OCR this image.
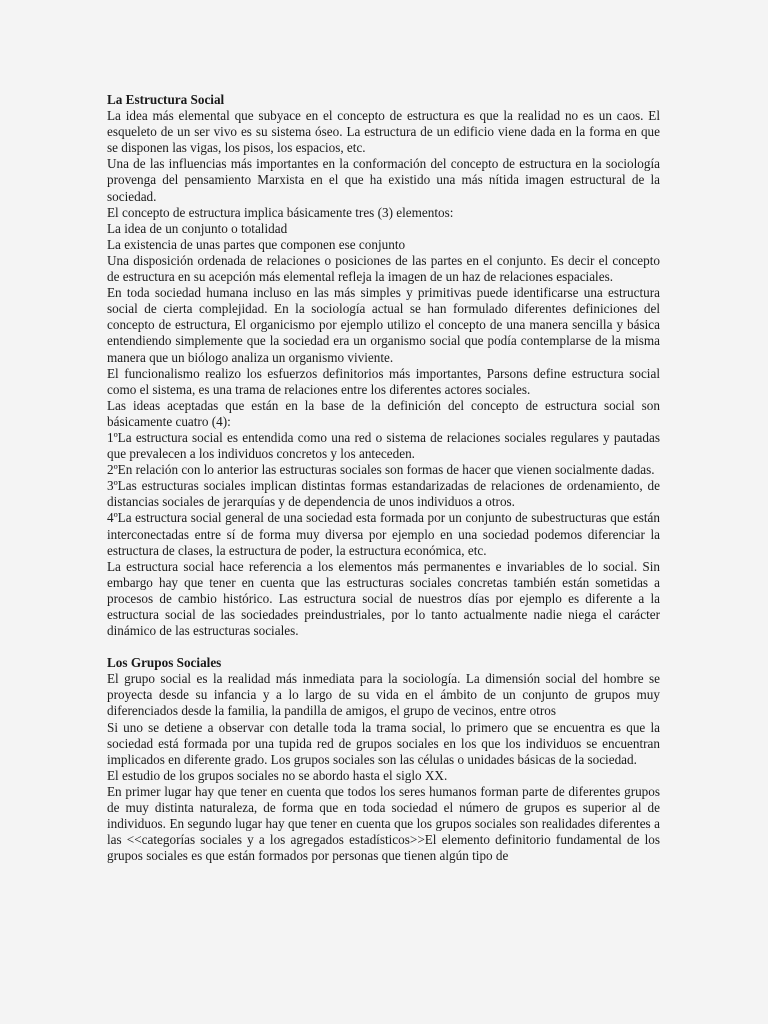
La Estructura Social

La idea más elemental que subyace en el concepto de estructura es que la realidad no es un caos. El esqueleto de un ser vivo es su sistema óseo. La estructura de un edificio viene dada en la forma en que se disponen las vigas, los pisos, los espacios, etc.

Una de las influencias más importantes en la conformación del concepto de estructura en la sociología provenga del pensamiento Marxista en el que ha existido una más nítida imagen estructural de la sociedad.

El concepto de estructura implica básicamente tres (3) elementos:

La idea de un conjunto o totalidad

La existencia de unas partes que componen ese conjunto

Una disposición ordenada de relaciones o posiciones de las partes en el conjunto. Es decir el concepto de estructura en su acepción más elemental refleja la imagen de un haz de relaciones espaciales.

En toda sociedad humana incluso en las más simples y primitivas puede identificarse una estructura social de cierta complejidad. En la sociología actual se han formulado diferentes definiciones del concepto de estructura, El organicismo por ejemplo utilizo el concepto de una manera sencilla y básica entendiendo simplemente que la sociedad era un organismo social que podía contemplarse de la misma manera que un biólogo analiza un organismo viviente.

El funcionalismo realizo los esfuerzos definitorios más importantes, Parsons define estructura social como el sistema, es una trama de relaciones entre los diferentes actores sociales.

Las ideas aceptadas que están en la base de la definición del concepto de estructura social son básicamente cuatro (4):

1ºLa estructura social es entendida como una red o sistema de relaciones sociales regulares y pautadas que prevalecen a los individuos concretos y los anteceden.

2ºEn relación con lo anterior las estructuras sociales son formas de hacer que vienen socialmente dadas.

3ºLas estructuras sociales implican distintas formas estandarizadas de relaciones de ordenamiento, de distancias sociales de jerarquías y de dependencia de unos individuos a otros.

4ºLa estructura social general de una sociedad esta formada por un conjunto de subestructuras que están interconectadas entre sí de forma muy diversa por ejemplo en una sociedad podemos diferenciar la estructura de clases, la estructura de poder, la estructura económica, etc.

La estructura social hace referencia a los elementos más permanentes e invariables de lo social. Sin embargo hay que tener en cuenta que las estructuras sociales concretas también están sometidas a procesos de cambio histórico. Las estructura social de nuestros días por ejemplo es diferente a la estructura social de las sociedades preindustriales, por lo tanto actualmente nadie niega el carácter dinámico de las estructuras sociales.

Los Grupos Sociales

El grupo social es la realidad más inmediata para la sociología. La dimensión social del hombre se proyecta desde su infancia y a lo largo de su vida en el ámbito de un conjunto de grupos muy diferenciados desde la familia, la pandilla de amigos, el grupo de vecinos, entre otros

Si uno se detiene a observar con detalle toda la trama social, lo primero que se encuentra es que la sociedad está formada por una tupida red de grupos sociales en los que los individuos se encuentran implicados en diferente grado. Los grupos sociales son las células o unidades básicas de la sociedad.

El estudio de los grupos sociales no se abordo hasta el siglo XX.

En primer lugar hay que tener en cuenta que todos los seres humanos forman parte de diferentes grupos de muy distinta naturaleza, de forma que en toda sociedad el número de grupos es superior al de individuos. En segundo lugar hay que tener en cuenta que los grupos sociales son realidades diferentes a las <<categorías sociales y a los agregados estadísticos>>El elemento definitorio fundamental de los grupos sociales es que están formados por personas que tienen algún tipo de
